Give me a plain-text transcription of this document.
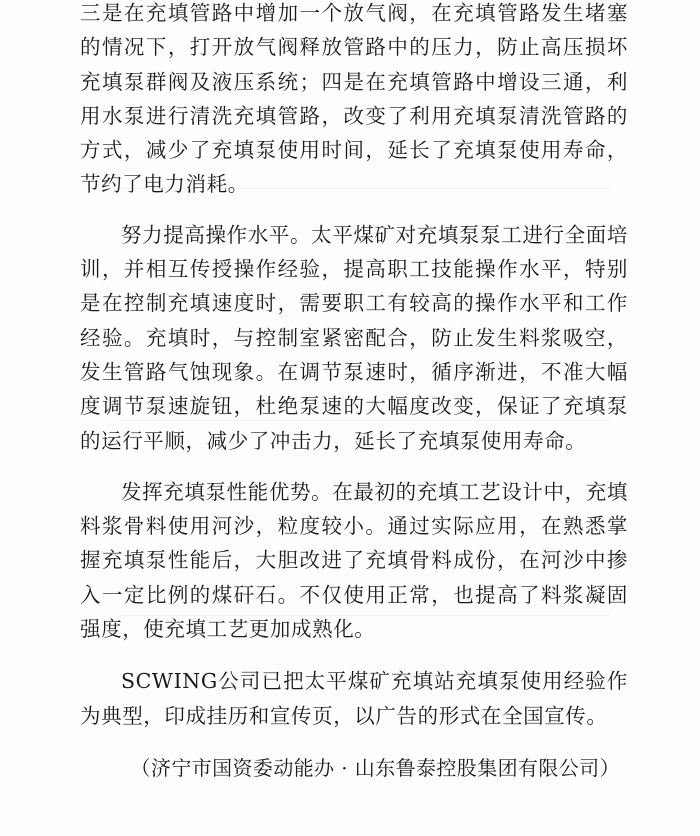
三是在充填管路中增加一个放气阀，在充填管路发生堵塞的情况下，打开放气阀释放管路中的压力，防止高压损坏充填泵群阀及液压系统；四是在充填管路中增设三通，利用水泵进行清洗充填管路，改变了利用充填泵清洗管路的方式，减少了充填泵使用时间，延长了充填泵使用寿命，节约了电力消耗。

努力提高操作水平。太平煤矿对充填泵泵工进行全面培训，并相互传授操作经验，提高职工技能操作水平，特别是在控制充填速度时，需要职工有较高的操作水平和工作经验。充填时，与控制室紧密配合，防止发生料浆吸空，发生管路气蚀现象。在调节泵速时，循序渐进，不准大幅度调节泵速旋钮，杜绝泵速的大幅度改变，保证了充填泵的运行平顺，减少了冲击力，延长了充填泵使用寿命。

发挥充填泵性能优势。在最初的充填工艺设计中，充填料浆骨料使用河沙，粒度较小。通过实际应用，在熟悉掌握充填泵性能后，大胆改进了充填骨料成份，在河沙中掺入一定比例的煤矸石。不仅使用正常，也提高了料浆凝固强度，使充填工艺更加成熟化。

SCWING公司已把太平煤矿充填站充填泵使用经验作为典型，印成挂历和宣传页，以广告的形式在全国宣传。

（济宁市国资委动能办 · 山东鲁泰控股集团有限公司）
